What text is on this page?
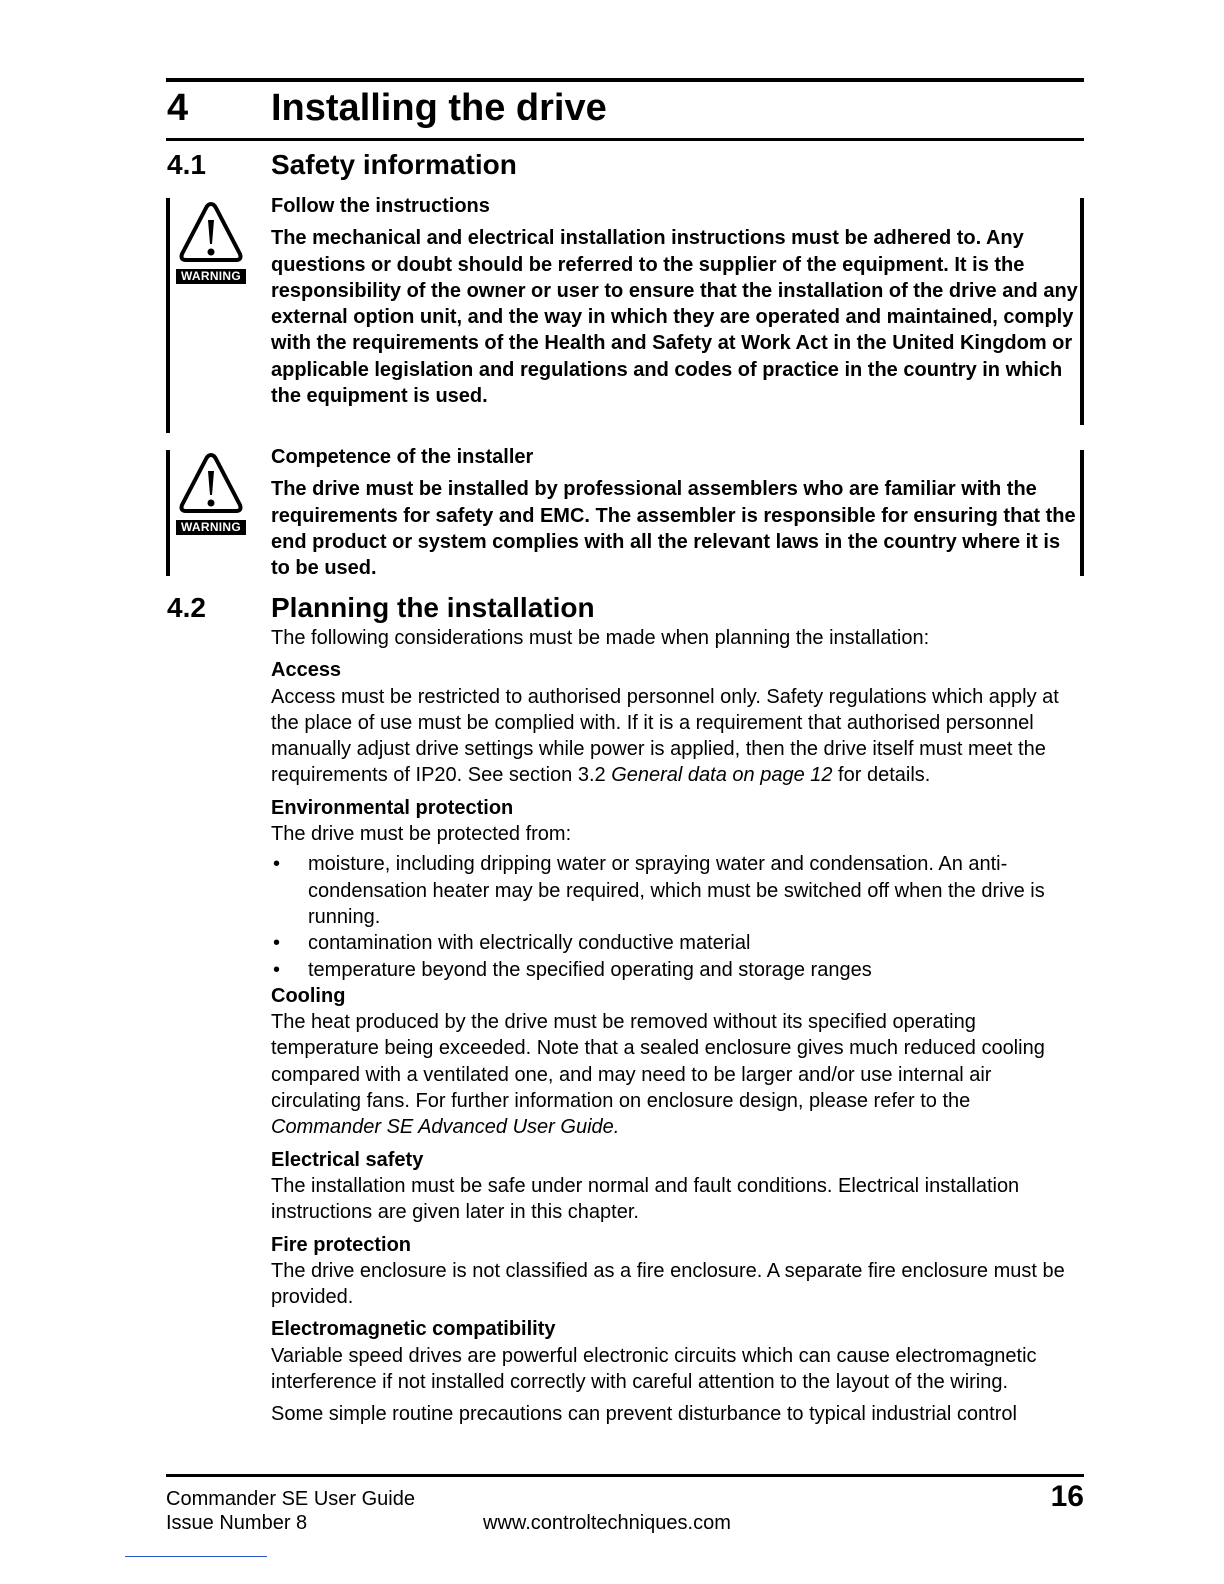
4 Installing the drive
4.1 Safety information
WARNING

Follow the instructions

The mechanical and electrical installation instructions must be adhered to. Any questions or doubt should be referred to the supplier of the equipment. It is the responsibility of the owner or user to ensure that the installation of the drive and any external option unit, and the way in which they are operated and maintained, comply with the requirements of the Health and Safety at Work Act in the United Kingdom or applicable legislation and regulations and codes of practice in the country in which the equipment is used.

WARNING

Competence of the installer

The drive must be installed by professional assemblers who are familiar with the requirements for safety and EMC. The assembler is responsible for ensuring that the end product or system complies with all the relevant laws in the country where it is to be used.

4.2 Planning the installation

The following considerations must be made when planning the installation:

Access

Access must be restricted to authorised personnel only. Safety regulations which apply at the place of use must be complied with. If it is a requirement that authorised personnel manually adjust drive settings while power is applied, then the drive itself must meet the requirements of IP20. See section 3.2 General data on page 12 for details.

Environmental protection

The drive must be protected from:

• moisture, including dripping water or spraying water and condensation. An anti-condensation heater may be required, which must be switched off when the drive is running.
• contamination with electrically conductive material
• temperature beyond the specified operating and storage ranges

Cooling

The heat produced by the drive must be removed without its specified operating temperature being exceeded. Note that a sealed enclosure gives much reduced cooling compared with a ventilated one, and may need to be larger and/or use internal air circulating fans. For further information on enclosure design, please refer to the
Commander SE Advanced User Guide.

Electrical safety

The installation must be safe under normal and fault conditions. Electrical installation instructions are given later in this chapter.

Fire protection

The drive enclosure is not classified as a fire enclosure. A separate fire enclosure must be provided.

Electromagnetic compatibility

Variable speed drives are powerful electronic circuits which can cause electromagnetic interference if not installed correctly with careful attention to the layout of the wiring.

Some simple routine precautions can prevent disturbance to typical industrial control

Commander SE User Guide
Issue Number 8	www.controltechniques.com
16
